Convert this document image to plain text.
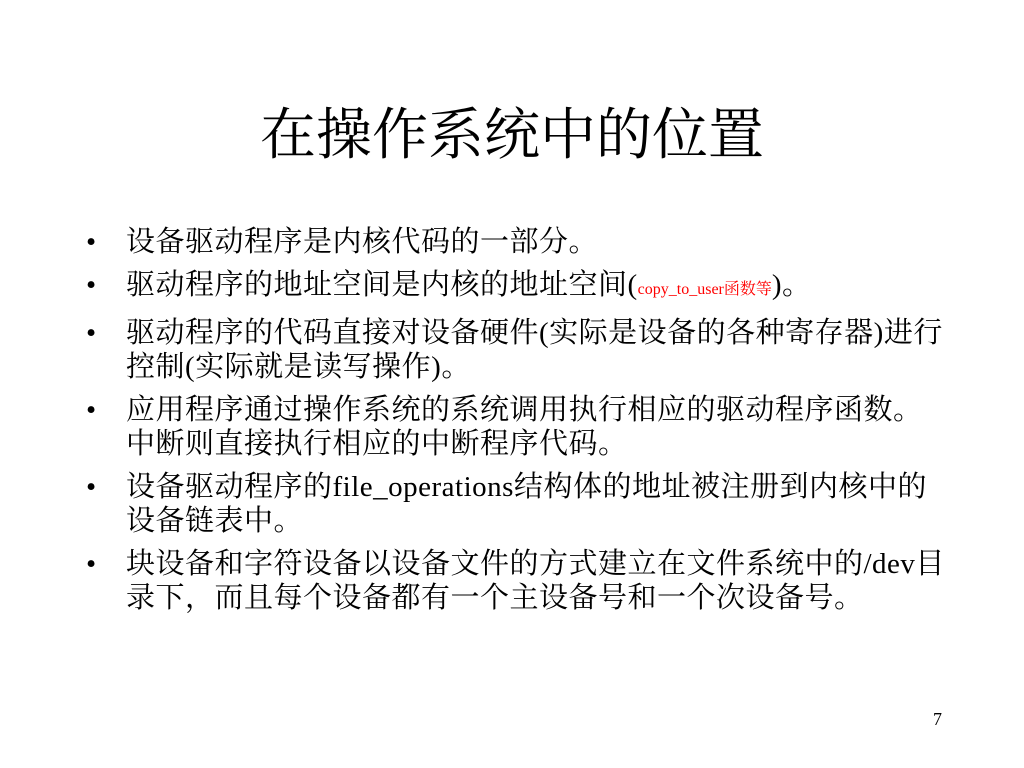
在操作系统中的位置
• 设备驱动程序是内核代码的一部分。
• 驱动程序的地址空间是内核的地址空间(copy_to_user函数等)。
• 驱动程序的代码直接对设备硬件(实际是设备的各种寄存器)进行控制(实际就是读写操作)。
• 应用程序通过操作系统的系统调用执行相应的驱动程序函数。中断则直接执行相应的中断程序代码。
• 设备驱动程序的file_operations结构体的地址被注册到内核中的设备链表中。
• 块设备和字符设备以设备文件的方式建立在文件系统中的/dev目录下，而且每个设备都有一个主设备号和一个次设备号。
7
